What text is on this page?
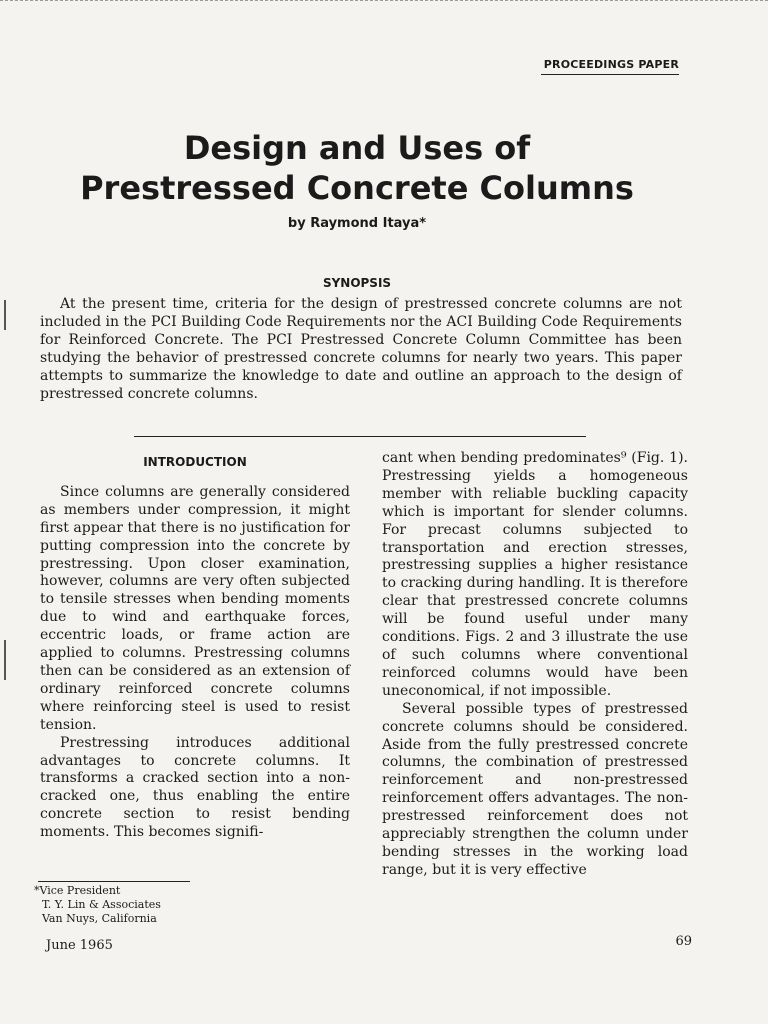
PROCEEDINGS PAPER
Design and Uses of
Prestressed Concrete Columns
by Raymond Itaya*
SYNOPSIS
At the present time, criteria for the design of prestressed concrete columns are not included in the PCI Building Code Requirements nor the ACI Building Code Requirements for Reinforced Concrete. The PCI Prestressed Concrete Column Committee has been studying the behavior of prestressed concrete columns for nearly two years. This paper attempts to summarize the knowledge to date and outline an approach to the design of prestressed concrete columns.
INTRODUCTION

Since columns are generally considered as members under compression, it might first appear that there is no justification for putting compression into the concrete by prestressing. Upon closer examination, however, columns are very often subjected to tensile stresses when bending moments due to wind and earthquake forces, eccentric loads, or frame action are applied to columns. Prestressing columns then can be considered as an extension of ordinary reinforced concrete columns where reinforcing steel is used to resist tension.

Prestressing introduces additional advantages to concrete columns. It transforms a cracked section into a non-cracked one, thus enabling the entire concrete section to resist bending moments. This becomes signifi-

cant when bending predominates⁹ (Fig. 1). Prestressing yields a homogeneous member with reliable buckling capacity which is important for slender columns. For precast columns subjected to transportation and erection stresses, prestressing supplies a higher resistance to cracking during handling. It is therefore clear that prestressed concrete columns will be found useful under many conditions. Figs. 2 and 3 illustrate the use of such columns where conventional reinforced columns would have been uneconomical, if not impossible.

Several possible types of prestressed concrete columns should be considered. Aside from the fully prestressed concrete columns, the combination of prestressed reinforcement and non-prestressed reinforcement offers advantages. The non-prestressed reinforcement does not appreciably strengthen the column under bending stresses in the working load range, but it is very effective

*Vice President
T. Y. Lin & Associates
Van Nuys, California
June 1965	69
